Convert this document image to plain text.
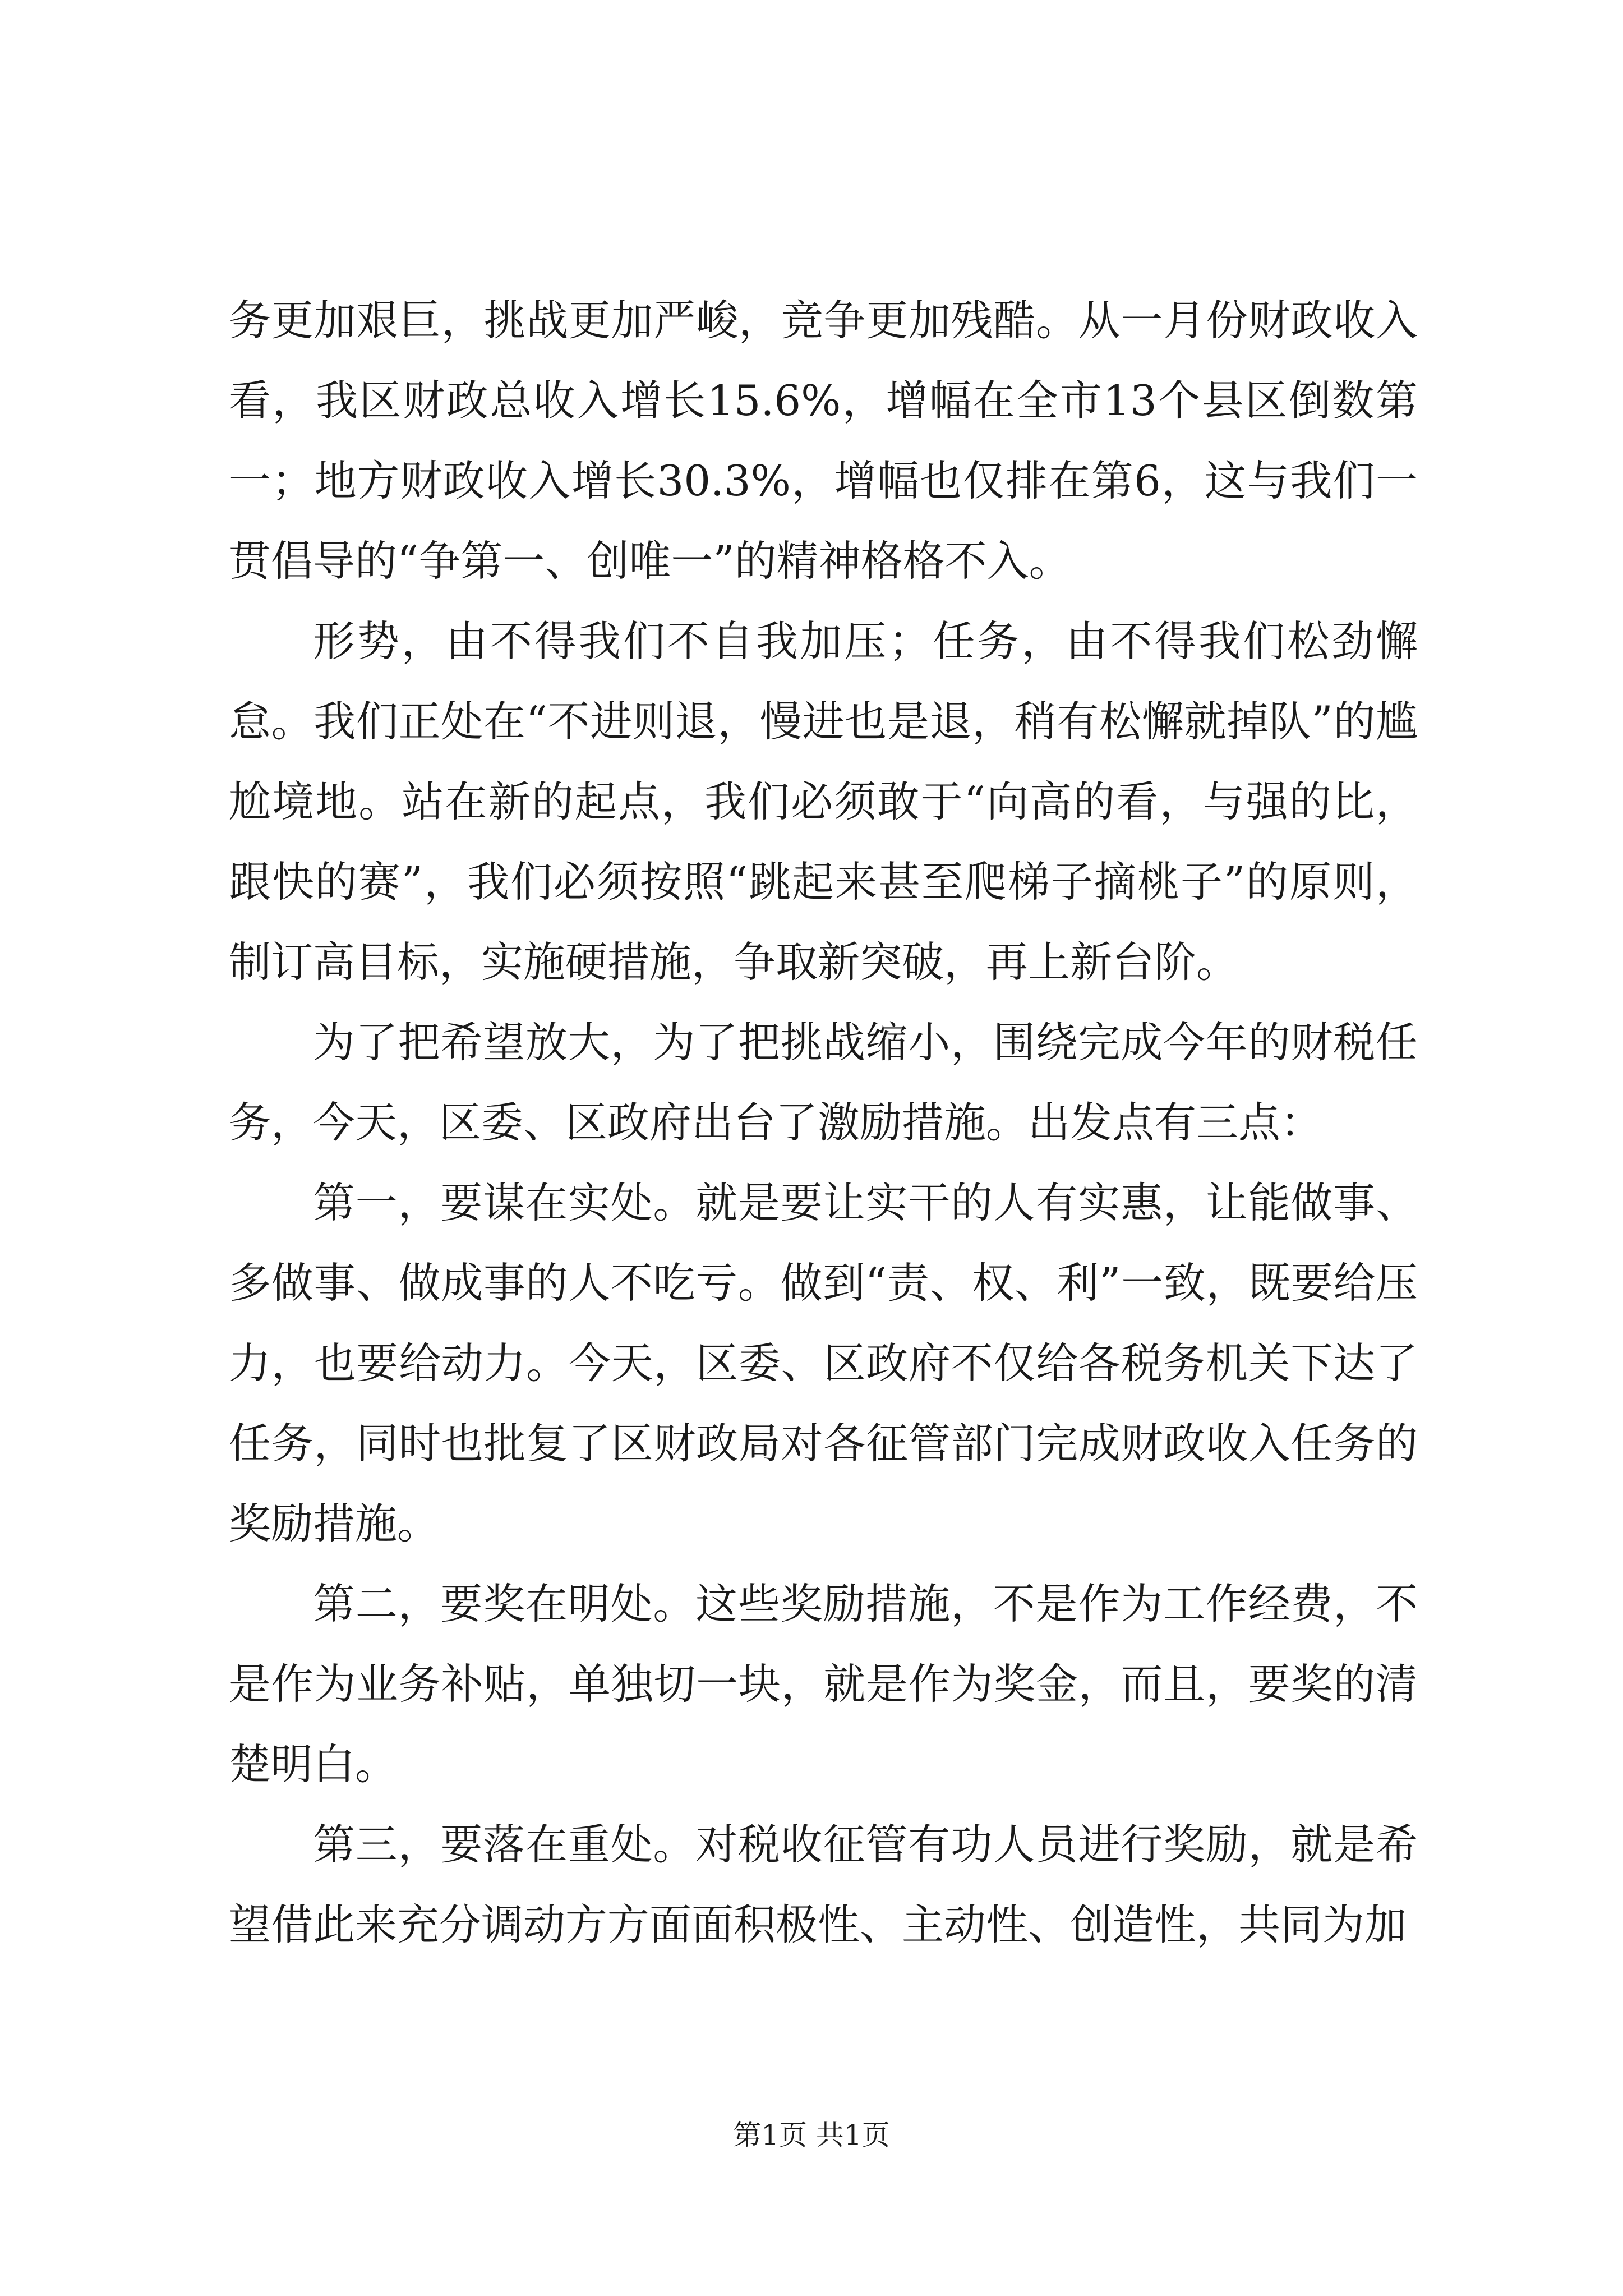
务更加艰巨，挑战更加严峻，竞争更加残酷。从一月份财政收入看，我区财政总收入增长15.6%，增幅在全市13个县区倒数第一；地方财政收入增长30.3%，增幅也仅排在第6，这与我们一贯倡导的“争第一、创唯一”的精神格格不入。

形势，由不得我们不自我加压；任务，由不得我们松劲懈怠。我们正处在“不进则退，慢进也是退，稍有松懈就掉队”的尴尬境地。站在新的起点，我们必须敢于“向高的看，与强的比，跟快的赛”，我们必须按照“跳起来甚至爬梯子摘桃子”的原则，制订高目标，实施硬措施，争取新突破，再上新台阶。

为了把希望放大，为了把挑战缩小，围绕完成今年的财税任务，今天，区委、区政府出台了激励措施。出发点有三点：

第一，要谋在实处。就是要让实干的人有实惠，让能做事、多做事、做成事的人不吃亏。做到“责、权、利”一致，既要给压力，也要给动力。今天，区委、区政府不仅给各税务机关下达了任务，同时也批复了区财政局对各征管部门完成财政收入任务的奖励措施。

第二，要奖在明处。这些奖励措施，不是作为工作经费，不是作为业务补贴，单独切一块，就是作为奖金，而且，要奖的清楚明白。

第三，要落在重处。对税收征管有功人员进行奖励，就是希望借此来充分调动方方面面积极性、主动性、创造性，共同为加

第1页 共1页
